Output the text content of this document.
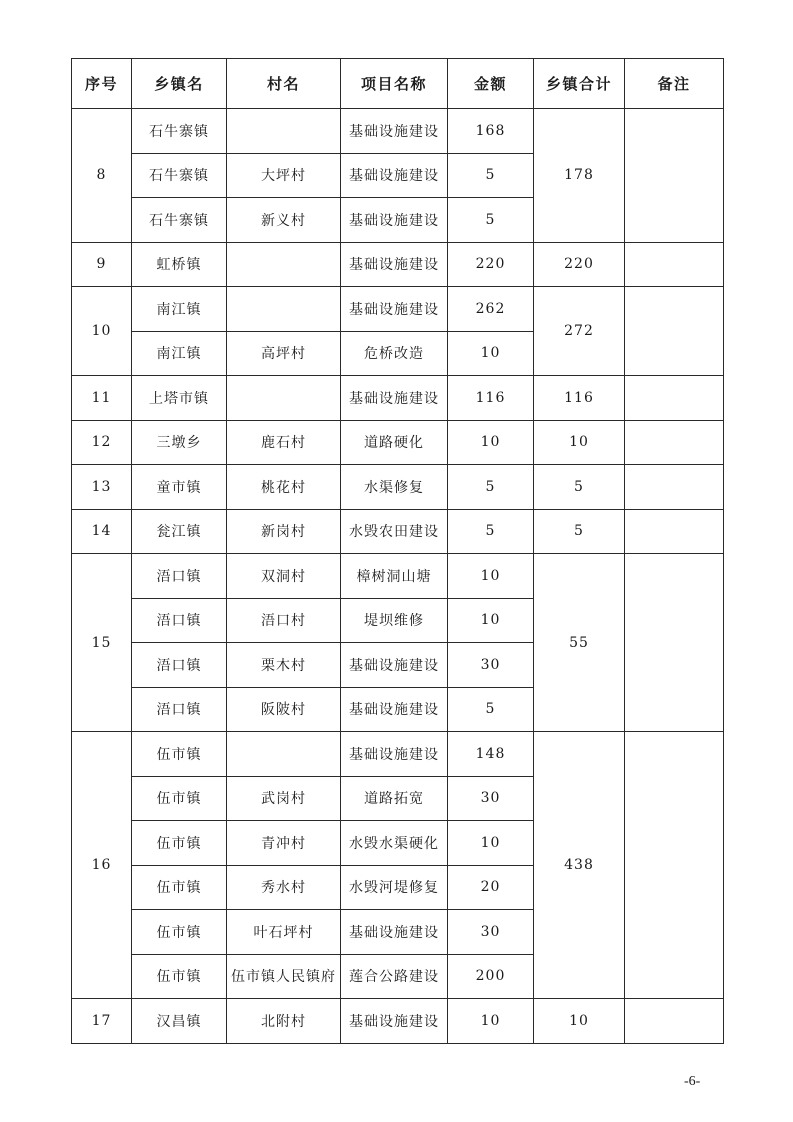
序号	乡镇名	村名	项目名称	金额	乡镇合计	备注
8	石牛寨镇		基础设施建设	168	178	
	石牛寨镇	大坪村	基础设施建设	5		
	石牛寨镇	新义村	基础设施建设	5		
9	虹桥镇		基础设施建设	220	220	
10	南江镇		基础设施建设	262	272	
	南江镇	高坪村	危桥改造	10		
11	上塔市镇		基础设施建设	116	116	
12	三墩乡	鹿石村	道路硬化	10	10	
13	童市镇	桃花村	水渠修复	5	5	
14	瓮江镇	新岗村	水毁农田建设	5	5	
15	浯口镇	双洞村	樟树洞山塘	10	55	
	浯口镇	浯口村	堤坝维修	10		
	浯口镇	栗木村	基础设施建设	30		
	浯口镇	阪陂村	基础设施建设	5		
16	伍市镇		基础设施建设	148	438	
	伍市镇	武岗村	道路拓宽	30		
	伍市镇	青冲村	水毁水渠硬化	10		
	伍市镇	秀水村	水毁河堤修复	20		
	伍市镇	叶石坪村	基础设施建设	30		
	伍市镇	伍市镇人民镇府	莲合公路建设	200		
17	汉昌镇	北附村	基础设施建设	10	10	
-6-
